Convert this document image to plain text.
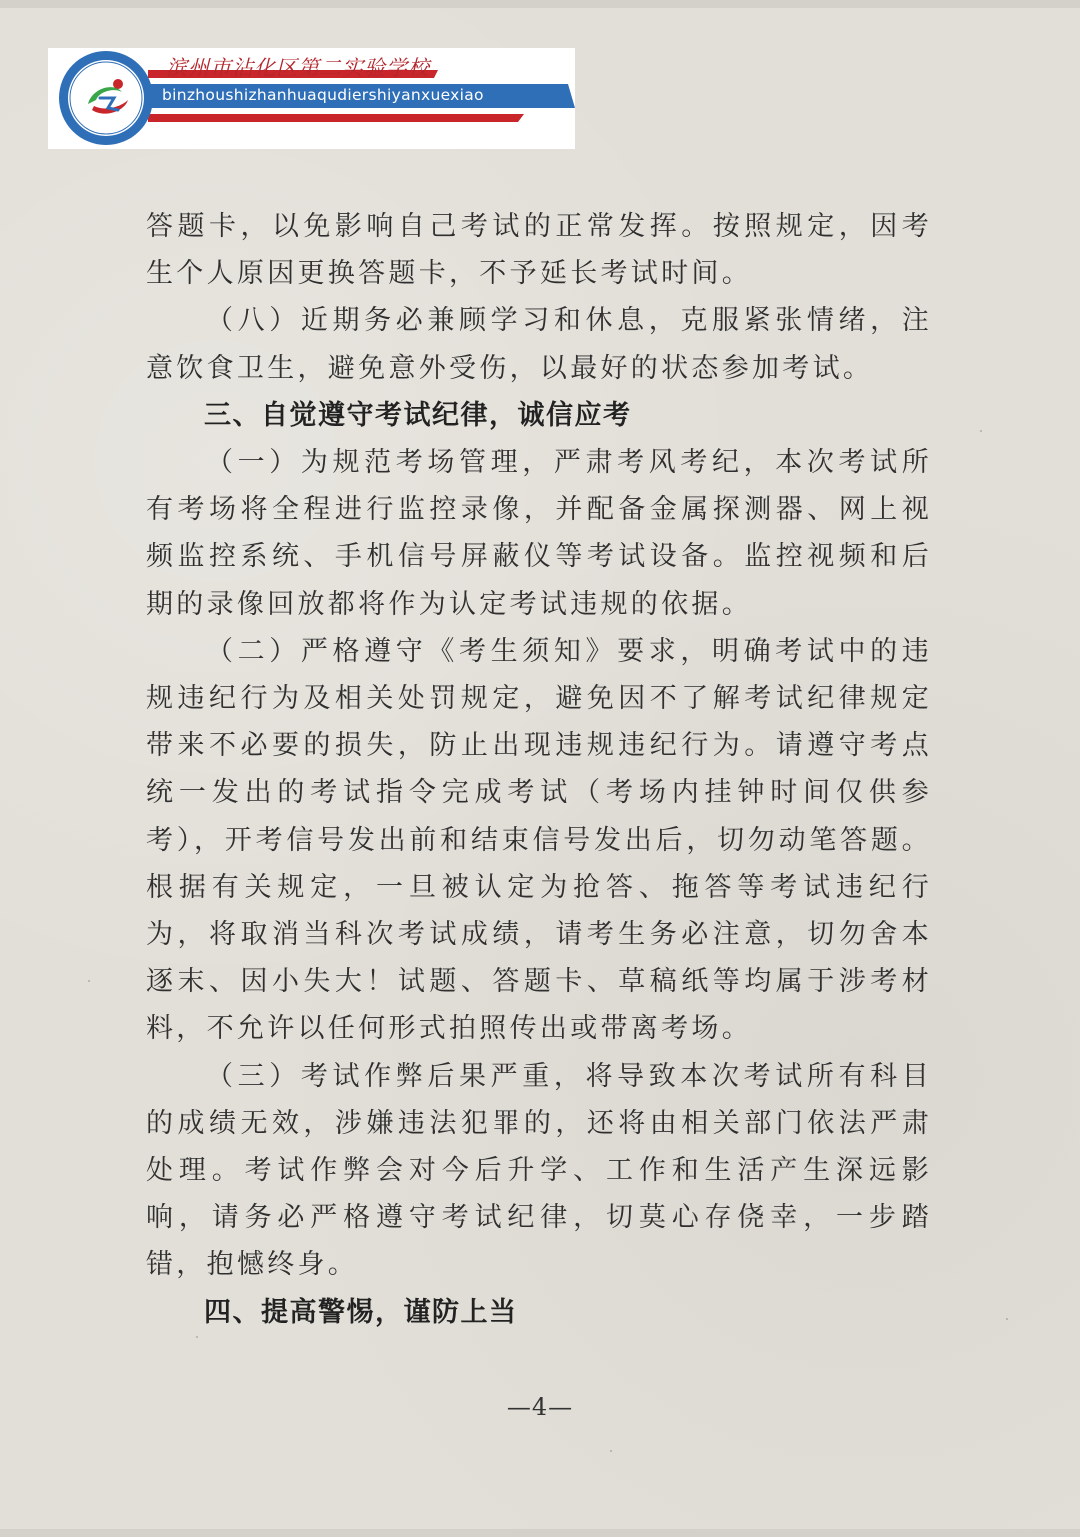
滨州市沾化区第二实验学校
binzhoushizhanhuaqudiershiyanxuexiao

答题卡，以免影响自己考试的正常发挥。按照规定，因考生个人原因更换答题卡，不予延长考试时间。

（八）近期务必兼顾学习和休息，克服紧张情绪，注意饮食卫生，避免意外受伤，以最好的状态参加考试。

三、自觉遵守考试纪律，诚信应考

（一）为规范考场管理，严肃考风考纪，本次考试所有考场将全程进行监控录像，并配备金属探测器、网上视频监控系统、手机信号屏蔽仪等考试设备。监控视频和后期的录像回放都将作为认定考试违规的依据。

（二）严格遵守《考生须知》要求，明确考试中的违规违纪行为及相关处罚规定，避免因不了解考试纪律规定带来不必要的损失，防止出现违规违纪行为。请遵守考点统一发出的考试指令完成考试（考场内挂钟时间仅供参考），开考信号发出前和结束信号发出后，切勿动笔答题。根据有关规定，一旦被认定为抢答、拖答等考试违纪行为，将取消当科次考试成绩，请考生务必注意，切勿舍本逐末、因小失大！试题、答题卡、草稿纸等均属于涉考材料，不允许以任何形式拍照传出或带离考场。

（三）考试作弊后果严重，将导致本次考试所有科目的成绩无效，涉嫌违法犯罪的，还将由相关部门依法严肃处理。考试作弊会对今后升学、工作和生活产生深远影响，请务必严格遵守考试纪律，切莫心存侥幸，一步踏错，抱憾终身。

四、提高警惕，谨防上当

—4—
